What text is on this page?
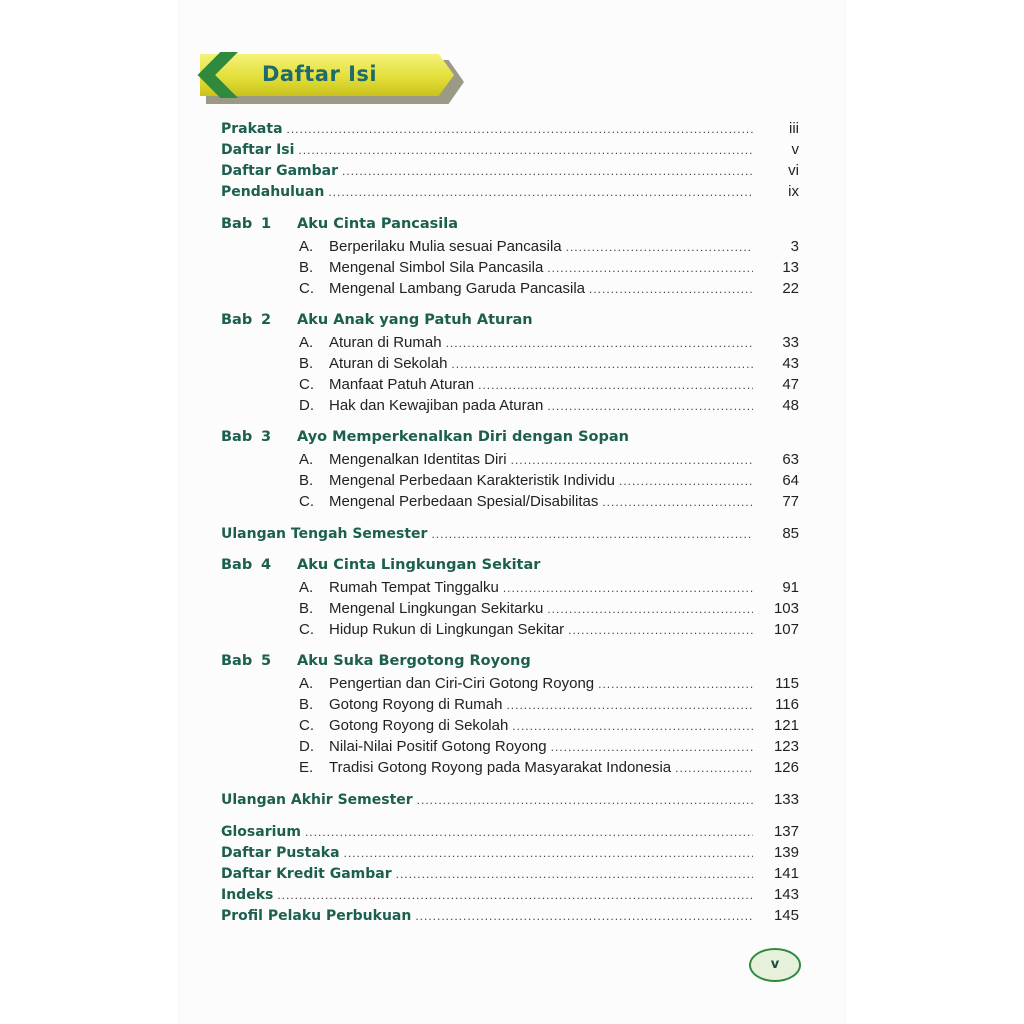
Daftar Isi
Prakata .....	iii
Daftar Isi .....	v
Daftar Gambar .....	vi
Pendahuluan .....	ix
Bab 1	Aku Cinta Pancasila
A. Berperilaku Mulia sesuai Pancasila .....	3
B. Mengenal Simbol Sila Pancasila .....	13
C. Mengenal Lambang Garuda Pancasila .....	22
Bab 2	Aku Anak yang Patuh Aturan
A. Aturan di Rumah .....	33
B. Aturan di Sekolah .....	43
C. Manfaat Patuh Aturan .....	47
D. Hak dan Kewajiban pada Aturan .....	48
Bab 3	Ayo Memperkenalkan Diri dengan Sopan
A. Mengenalkan Identitas Diri .....	63
B. Mengenal Perbedaan Karakteristik Individu .....	64
C. Mengenal Perbedaan Spesial/Disabilitas .....	77
Ulangan Tengah Semester .....	85
Bab 4	Aku Cinta Lingkungan Sekitar
A. Rumah Tempat Tinggalku .....	91
B. Mengenal Lingkungan Sekitarku .....	103
C. Hidup Rukun di Lingkungan Sekitar .....	107
Bab 5	Aku Suka Bergotong Royong
A. Pengertian dan Ciri-Ciri Gotong Royong .....	115
B. Gotong Royong di Rumah .....	116
C. Gotong Royong di Sekolah .....	121
D. Nilai-Nilai Positif Gotong Royong .....	123
E. Tradisi Gotong Royong pada Masyarakat Indonesia .....	126
Ulangan Akhir Semester .....	133
Glosarium .....	137
Daftar Pustaka .....	139
Daftar Kredit Gambar .....	141
Indeks .....	143
Profil Pelaku Perbukuan .....	145
v
